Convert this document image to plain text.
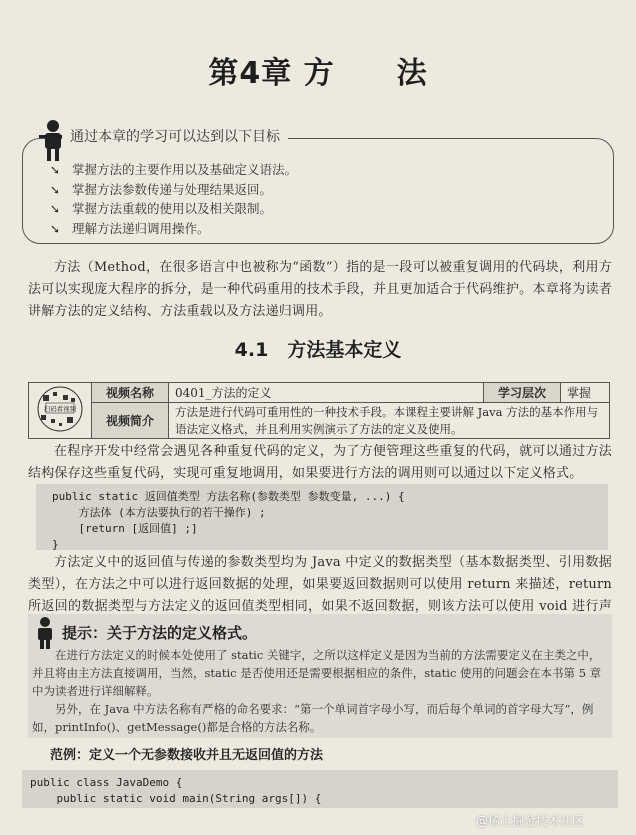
第4章 方　　法
通过本章的学习可以达到以下目标
➘ 掌握方法的主要作用以及基础定义语法。
➘ 掌握方法参数传递与处理结果返回。
➘ 掌握方法重载的使用以及相关限制。
➘ 理解方法递归调用操作。

方法（Method，在很多语言中也被称为“函数”）指的是一段可以被重复调用的代码块，利用方法可以实现庞大程序的拆分，是一种代码重用的技术手段，并且更加适合于代码维护。本章将为读者讲解方法的定义结构、方法重载以及方法递归调用。

4.1　方法基本定义
扫码看视频	视频名称	0401_方法的定义	学习层次	掌握
	视频简介	方法是进行代码可重用性的一种技术手段。本课程主要讲解 Java 方法的基本作用与语法定义格式，并且利用实例演示了方法的定义及使用。		

在程序开发中经常会遇见各种重复代码的定义，为了方便管理这些重复的代码，就可以通过方法结构保存这些重复代码，实现可重复地调用，如果要进行方法的调用则可以通过以下定义格式。

public static 返回值类型 方法名称(参数类型 参数变量, ...) {
方法体 (本方法要执行的若干操作) ;
[return [返回值] ;]
}

方法定义中的返回值与传递的参数类型均为 Java 中定义的数据类型（基本数据类型、引用数据类型），在方法之中可以进行返回数据的处理，如果要返回数据则可以使用 return 来描述，return 所返回的数据类型与方法定义的返回值类型相同，如果不返回数据，则该方法可以使用 void 进行声

提示：关于方法的定义格式。

在进行方法定义的时候本处使用了 static 关键字，之所以这样定义是因为当前的方法需要定义在主类之中，并且将由主方法直接调用，当然，static 是否使用还是需要根据相应的条件，static 使用的问题会在本书第 5 章中为读者进行详细解释。

另外，在 Java 中方法名称有严格的命名要求：“第一个单词首字母小写，而后每个单词的首字母大写”，例如，printInfo()、getMessage()都是合格的方法名称。

范例：定义一个无参数接收并且无返回值的方法
public class JavaDemo {
public static void main(String args[]) {
@稀土掘金技术社区
